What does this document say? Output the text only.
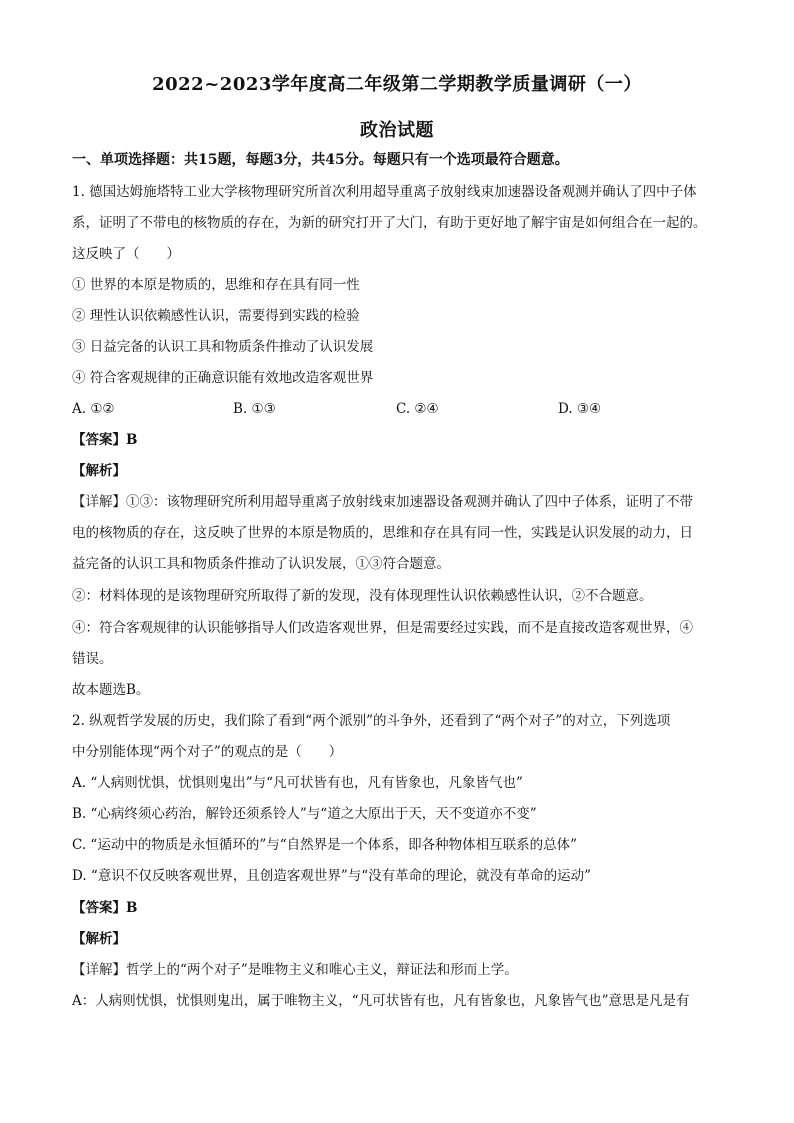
2022~2023学年度高二年级第二学期教学质量调研（一）
政治试题
一、单项选择题：共15题，每题3分，共45分。每题只有一个选项最符合题意。
1. 德国达姆施塔特工业大学核物理研究所首次利用超导重离子放射线束加速器设备观测并确认了四中子体
系，证明了不带电的核物质的存在，为新的研究打开了大门，有助于更好地了解宇宙是如何组合在一起的。
这反映了（　　）
① 世界的本原是物质的，思维和存在具有同一性
② 理性认识依赖感性认识，需要得到实践的检验
③ 日益完备的认识工具和物质条件推动了认识发展
④ 符合客观规律的正确意识能有效地改造客观世界
A. ①②	B. ①③	C. ②④	D. ③④
【答案】B
【解析】
【详解】①③：该物理研究所利用超导重离子放射线束加速器设备观测并确认了四中子体系，证明了不带
电的核物质的存在，这反映了世界的本原是物质的，思维和存在具有同一性，实践是认识发展的动力，日
益完备的认识工具和物质条件推动了认识发展，①③符合题意。
②：材料体现的是该物理研究所取得了新的发现，没有体现理性认识依赖感性认识，②不合题意。
④：符合客观规律的认识能够指导人们改造客观世界，但是需要经过实践，而不是直接改造客观世界，④
错误。
故本题选B。
2. 纵观哲学发展的历史，我们除了看到“两个派别”的斗争外，还看到了“两个对子”的对立，下列选项
中分别能体现“两个对子”的观点的是（　　）
A. “人病则忧惧，忧惧则鬼出”与“凡可状皆有也，凡有皆象也，凡象皆气也”
B. “心病终须心药治，解铃还须系铃人”与“道之大原出于天，天不变道亦不变”
C. “运动中的物质是永恒循环的”与“自然界是一个体系，即各种物体相互联系的总体”
D. “意识不仅反映客观世界，且创造客观世界”与“没有革命的理论，就没有革命的运动”
【答案】B
【解析】
【详解】哲学上的“两个对子”是唯物主义和唯心主义，辩证法和形而上学。
A：人病则忧惧，忧惧则鬼出，属于唯物主义，“凡可状皆有也，凡有皆象也，凡象皆气也”意思是凡是有
